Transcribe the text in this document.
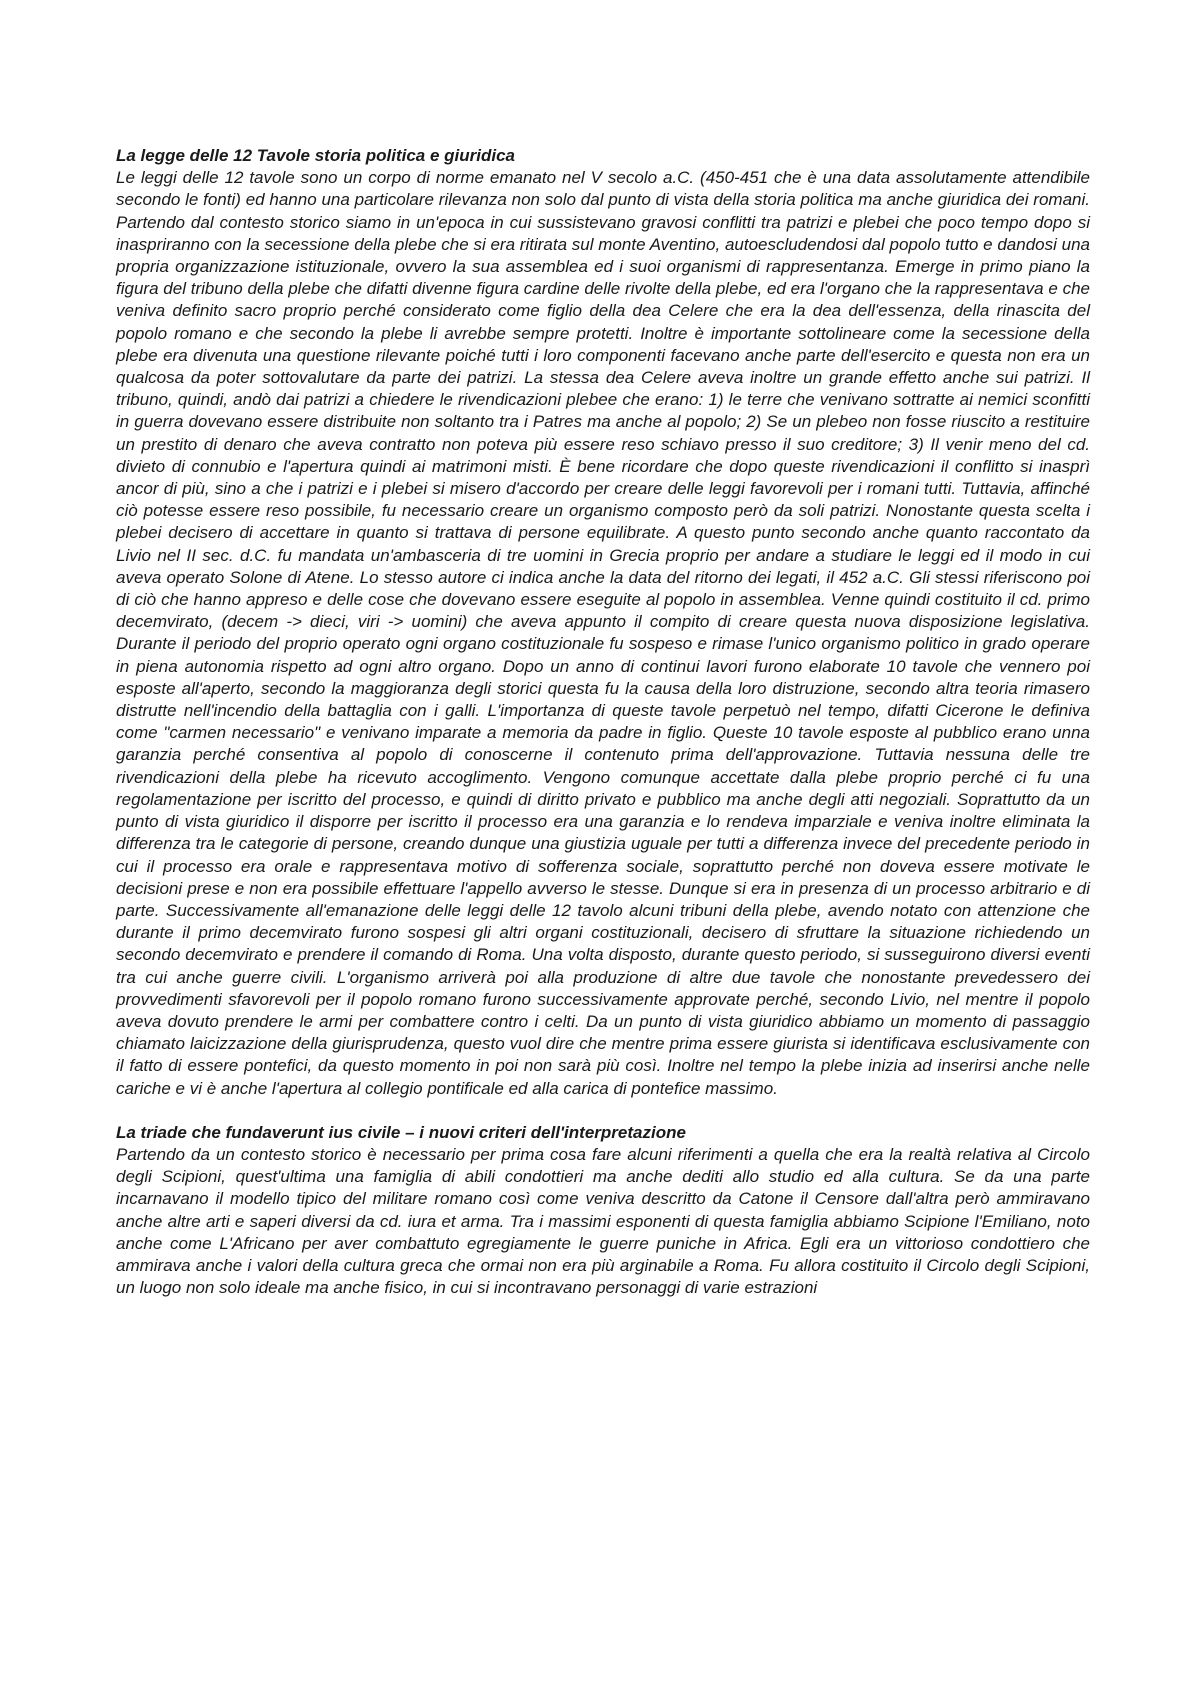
La legge delle 12 Tavole storia politica e giuridica

Le leggi delle 12 tavole sono un corpo di norme emanato nel V secolo a.C. (450-451 che è una data assolutamente attendibile secondo le fonti) ed hanno una particolare rilevanza non solo dal punto di vista della storia politica ma anche giuridica dei romani. Partendo dal contesto storico siamo in un'epoca in cui sussistevano gravosi conflitti tra patrizi e plebei che poco tempo dopo si inaspriranno con la secessione della plebe che si era ritirata sul monte Aventino, autoescludendosi dal popolo tutto e dandosi una propria organizzazione istituzionale, ovvero la sua assemblea ed i suoi organismi di rappresentanza. Emerge in primo piano la figura del tribuno della plebe che difatti divenne figura cardine delle rivolte della plebe, ed era l'organo che la rappresentava e che veniva definito sacro proprio perché considerato come figlio della dea Celere che era la dea dell'essenza, della rinascita del popolo romano e che secondo la plebe li avrebbe sempre protetti. Inoltre è importante sottolineare come la secessione della plebe era divenuta una questione rilevante poiché tutti i loro componenti facevano anche parte dell'esercito e questa non era un qualcosa da poter sottovalutare da parte dei patrizi. La stessa dea Celere aveva inoltre un grande effetto anche sui patrizi. Il tribuno, quindi, andò dai patrizi a chiedere le rivendicazioni plebee che erano: 1) le terre che venivano sottratte ai nemici sconfitti in guerra dovevano essere distribuite non soltanto tra i Patres ma anche al popolo; 2) Se un plebeo non fosse riuscito a restituire un prestito di denaro che aveva contratto non poteva più essere reso schiavo presso il suo creditore; 3) Il venir meno del cd. divieto di connubio e l'apertura quindi ai matrimoni misti. È bene ricordare che dopo queste rivendicazioni il conflitto si inasprì ancor di più, sino a che i patrizi e i plebei si misero d'accordo per creare delle leggi favorevoli per i romani tutti. Tuttavia, affinché ciò potesse essere reso possibile, fu necessario creare un organismo composto però da soli patrizi. Nonostante questa scelta i plebei decisero di accettare in quanto si trattava di persone equilibrate. A questo punto secondo anche quanto raccontato da Livio nel II sec. d.C. fu mandata un'ambasceria di tre uomini in Grecia proprio per andare a studiare le leggi ed il modo in cui aveva operato Solone di Atene. Lo stesso autore ci indica anche la data del ritorno dei legati, il 452 a.C. Gli stessi riferiscono poi di ciò che hanno appreso e delle cose che dovevano essere eseguite al popolo in assemblea. Venne quindi costituito il cd. primo decemvirato, (decem -> dieci, viri -> uomini) che aveva appunto il compito di creare questa nuova disposizione legislativa. Durante il periodo del proprio operato ogni organo costituzionale fu sospeso e rimase l'unico organismo politico in grado operare in piena autonomia rispetto ad ogni altro organo. Dopo un anno di continui lavori furono elaborate 10 tavole che vennero poi esposte all'aperto, secondo la maggioranza degli storici questa fu la causa della loro distruzione, secondo altra teoria rimasero distrutte nell'incendio della battaglia con i galli. L'importanza di queste tavole perpetuò nel tempo, difatti Cicerone le definiva come "carmen necessario" e venivano imparate a memoria da padre in figlio. Queste 10 tavole esposte al pubblico erano unna garanzia perché consentiva al popolo di conoscerne il contenuto prima dell'approvazione. Tuttavia nessuna delle tre rivendicazioni della plebe ha ricevuto accoglimento. Vengono comunque accettate dalla plebe proprio perché ci fu una regolamentazione per iscritto del processo, e quindi di diritto privato e pubblico ma anche degli atti negoziali. Soprattutto da un punto di vista giuridico il disporre per iscritto il processo era una garanzia e lo rendeva imparziale e veniva inoltre eliminata la differenza tra le categorie di persone, creando dunque una giustizia uguale per tutti a differenza invece del precedente periodo in cui il processo era orale e rappresentava motivo di sofferenza sociale, soprattutto perché non doveva essere motivate le decisioni prese e non era possibile effettuare l'appello avverso le stesse. Dunque si era in presenza di un processo arbitrario e di parte. Successivamente all'emanazione delle leggi delle 12 tavolo alcuni tribuni della plebe, avendo notato con attenzione che durante il primo decemvirato furono sospesi gli altri organi costituzionali, decisero di sfruttare la situazione richiedendo un secondo decemvirato e prendere il comando di Roma. Una volta disposto, durante questo periodo, si susseguirono diversi eventi tra cui anche guerre civili. L'organismo arriverà poi alla produzione di altre due tavole che nonostante prevedessero dei provvedimenti sfavorevoli per il popolo romano furono successivamente approvate perché, secondo Livio, nel mentre il popolo aveva dovuto prendere le armi per combattere contro i celti. Da un punto di vista giuridico abbiamo un momento di passaggio chiamato laicizzazione della giurisprudenza, questo vuol dire che mentre prima essere giurista si identificava esclusivamente con il fatto di essere pontefici, da questo momento in poi non sarà più così. Inoltre nel tempo la plebe inizia ad inserirsi anche nelle cariche e vi è anche l'apertura al collegio pontificale ed alla carica di pontefice massimo.

La triade che fundaverunt ius civile – i nuovi criteri dell'interpretazione

Partendo da un contesto storico è necessario per prima cosa fare alcuni riferimenti a quella che era la realtà relativa al Circolo degli Scipioni, quest'ultima una famiglia di abili condottieri ma anche dediti allo studio ed alla cultura. Se da una parte incarnavano il modello tipico del militare romano così come veniva descritto da Catone il Censore dall'altra però ammiravano anche altre arti e saperi diversi da cd. iura et arma. Tra i massimi esponenti di questa famiglia abbiamo Scipione l'Emiliano, noto anche come L'Africano per aver combattuto egregiamente le guerre puniche in Africa. Egli era un vittorioso condottiero che ammirava anche i valori della cultura greca che ormai non era più arginabile a Roma. Fu allora costituito il Circolo degli Scipioni, un luogo non solo ideale ma anche fisico, in cui si incontravano personaggi di varie estrazioni
